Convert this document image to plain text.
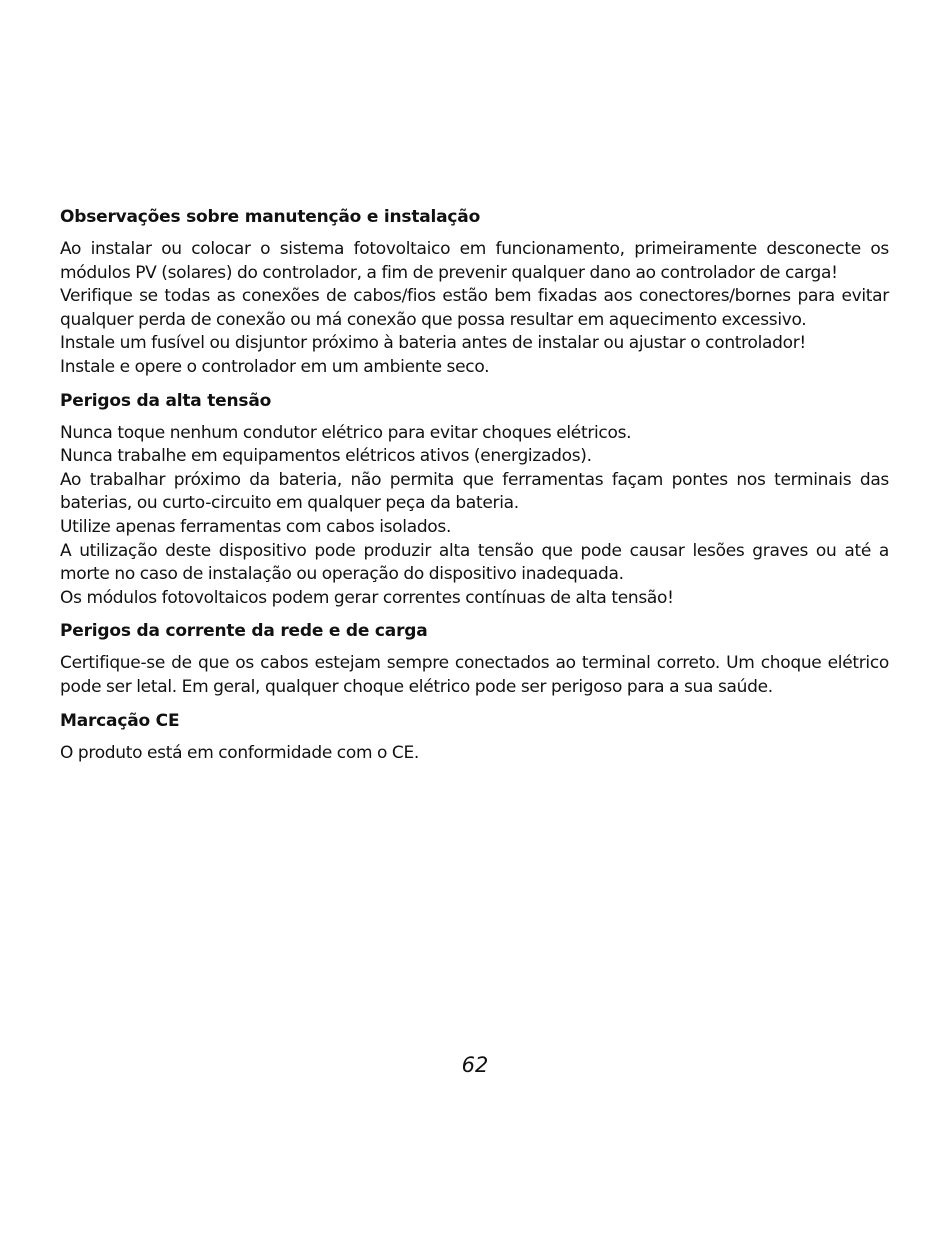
Observações sobre manutenção e instalação

Ao instalar ou colocar o sistema fotovoltaico em funcionamento, primeiramente desconecte os módulos PV (solares) do controlador, a fim de prevenir qualquer dano ao controlador de carga!

Verifique se todas as conexões de cabos/fios estão bem fixadas aos conectores/bornes para evitar qualquer perda de conexão ou má conexão que possa resultar em aquecimento excessivo.

Instale um fusível ou disjuntor próximo à bateria antes de instalar ou ajustar o controlador!

Instale e opere o controlador em um ambiente seco.

Perigos da alta tensão

Nunca toque nenhum condutor elétrico para evitar choques elétricos.

Nunca trabalhe em equipamentos elétricos ativos (energizados).

Ao trabalhar próximo da bateria, não permita que ferramentas façam pontes nos terminais das baterias, ou curto-circuito em qualquer peça da bateria.

Utilize apenas ferramentas com cabos isolados.

A utilização deste dispositivo pode produzir alta tensão que pode causar lesões graves ou até a morte no caso de instalação ou operação do dispositivo inadequada.

Os módulos fotovoltaicos podem gerar correntes contínuas de alta tensão!

Perigos da corrente da rede e de carga

Certifique-se de que os cabos estejam sempre conectados ao terminal correto. Um choque elétrico pode ser letal. Em geral, qualquer choque elétrico pode ser perigoso para a sua saúde.

Marcação CE

O produto está em conformidade com o CE.

62
